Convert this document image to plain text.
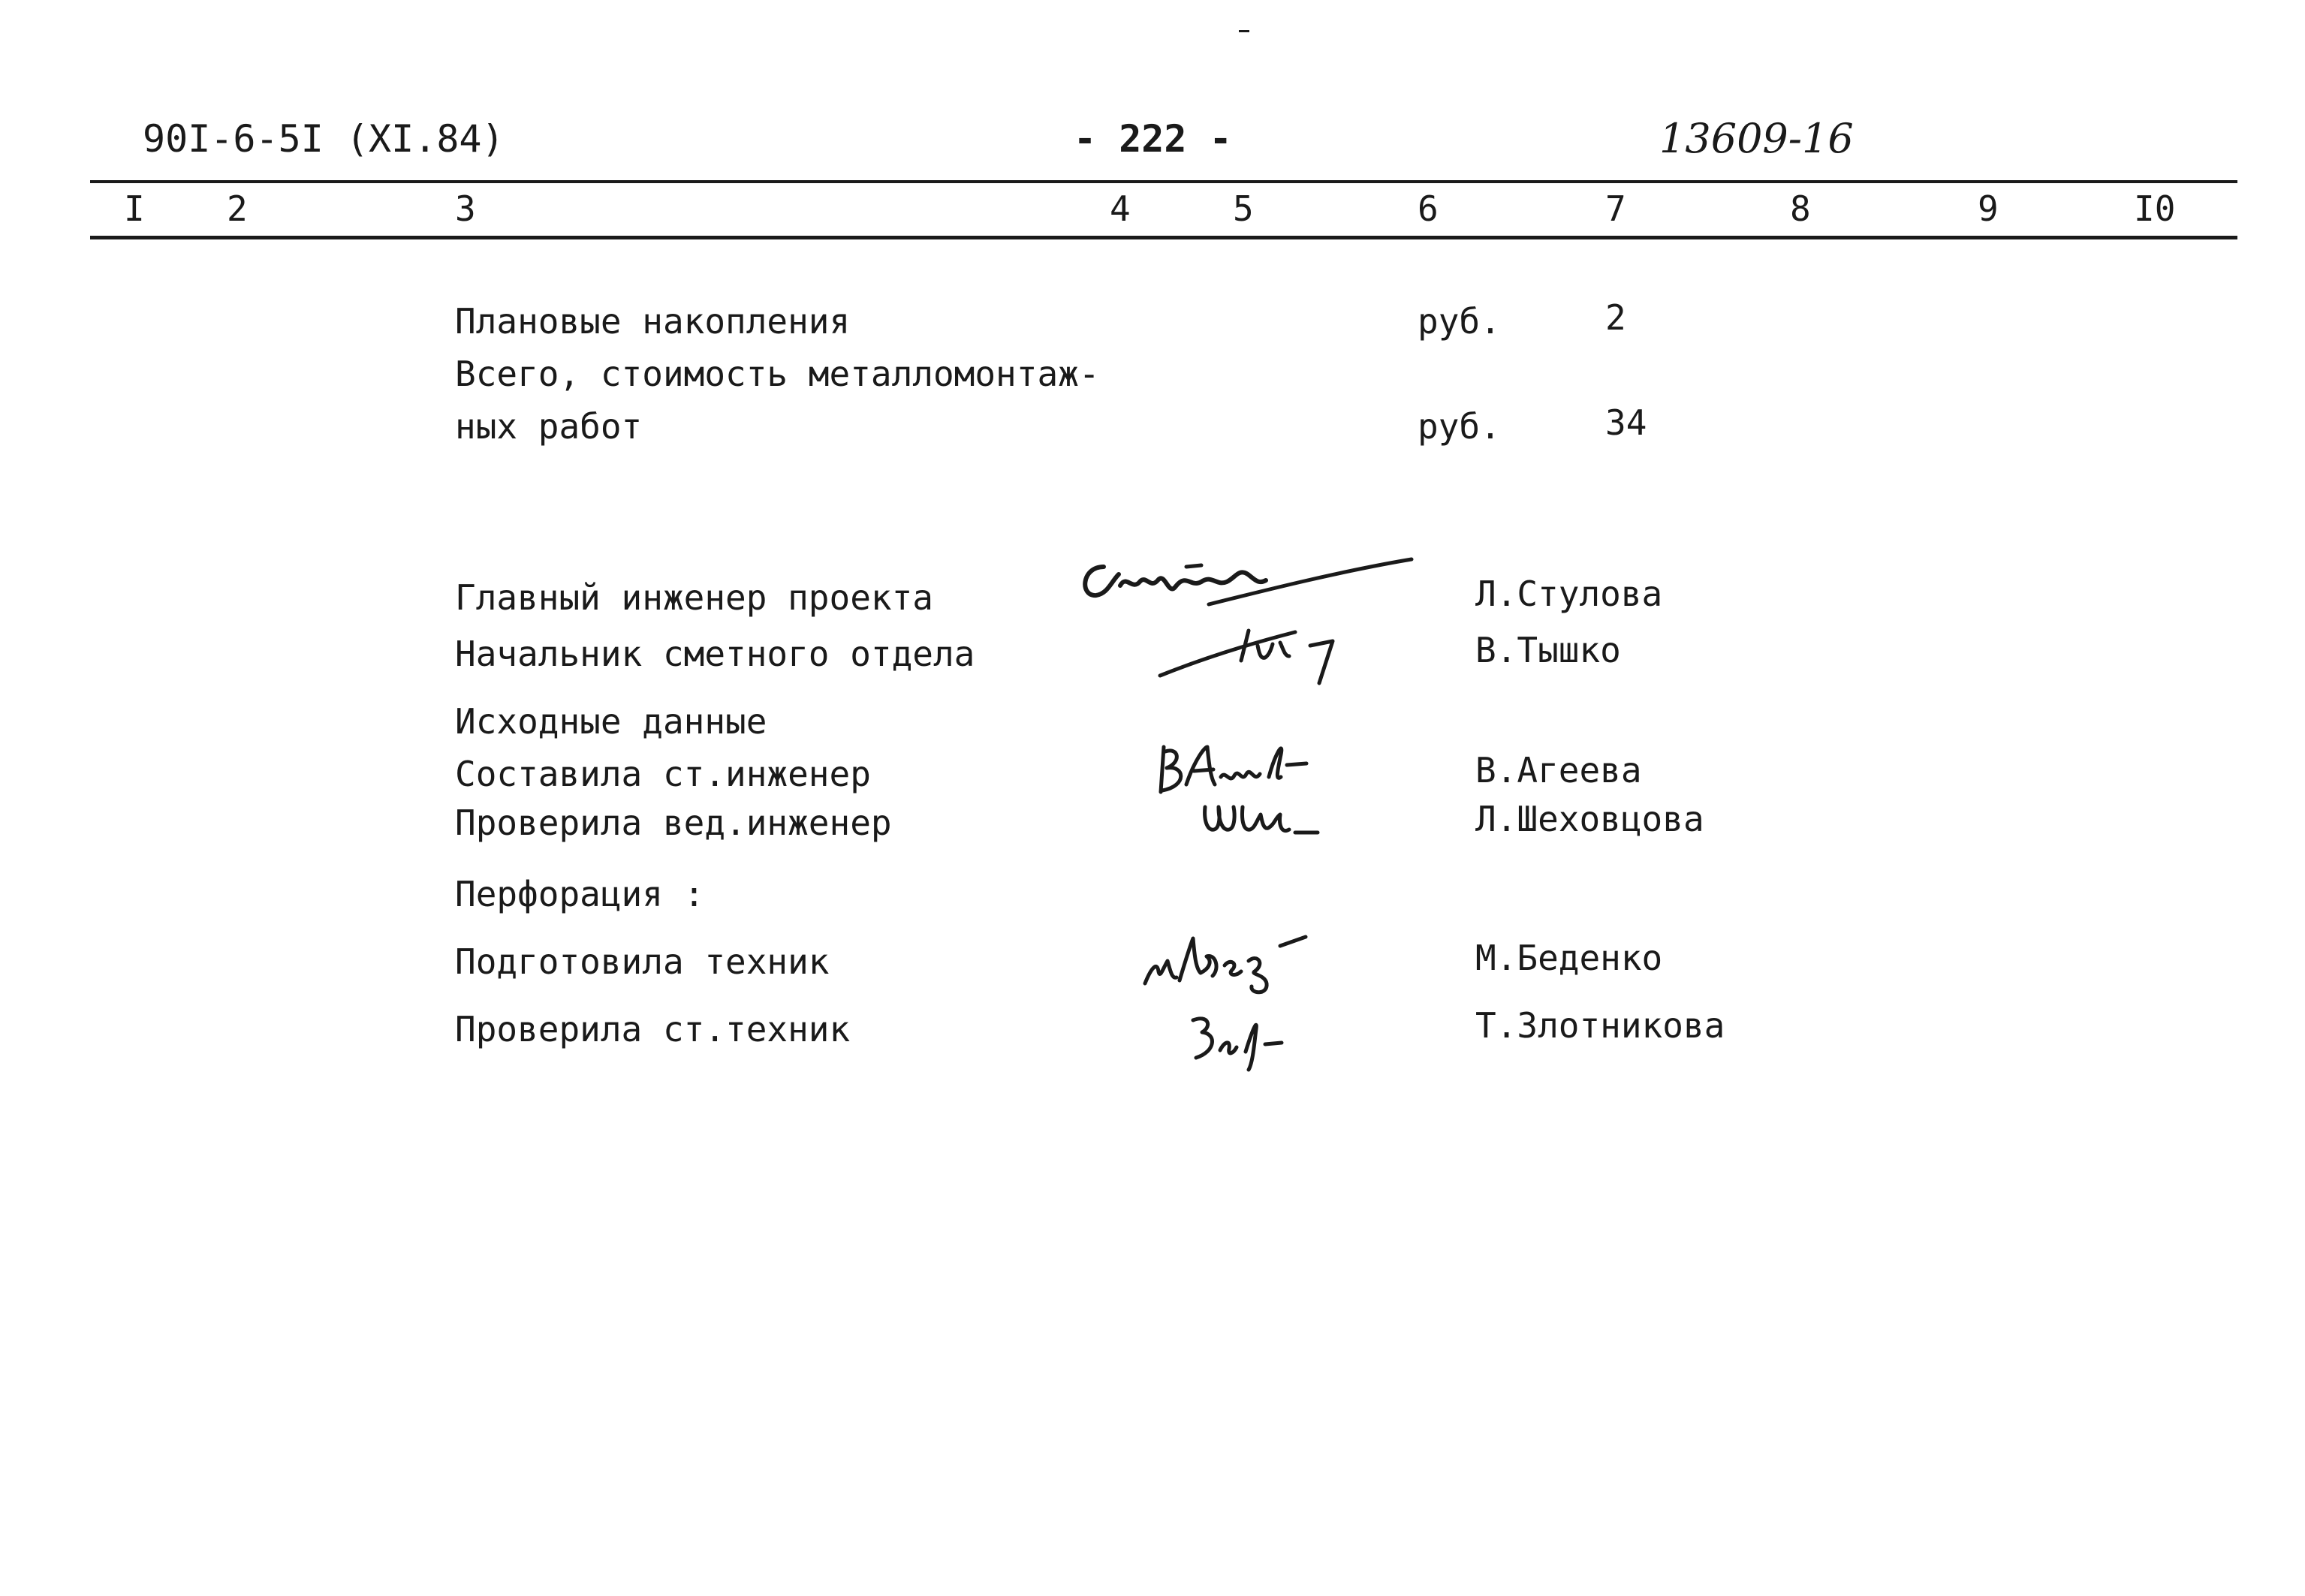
90I-6-5I (XI.84)	- 222 -	13609-16
I 2	3	4	5	6	7	8	9	I0
Плановые накопления	руб.	2
Всего, стоимость металломонтаж-
ных работ	руб.	34
Главный инженер проекта	Л.Стулова
Начальник сметного отдела	В.Тышко
Исходные данные
Составила ст.инженер	В.Агеева
Проверила вед.инженер	Л.Шеховцова
Перфорация :
Подготовила техник	М.Беденко
Проверила ст.техник	Т.Злотникова
